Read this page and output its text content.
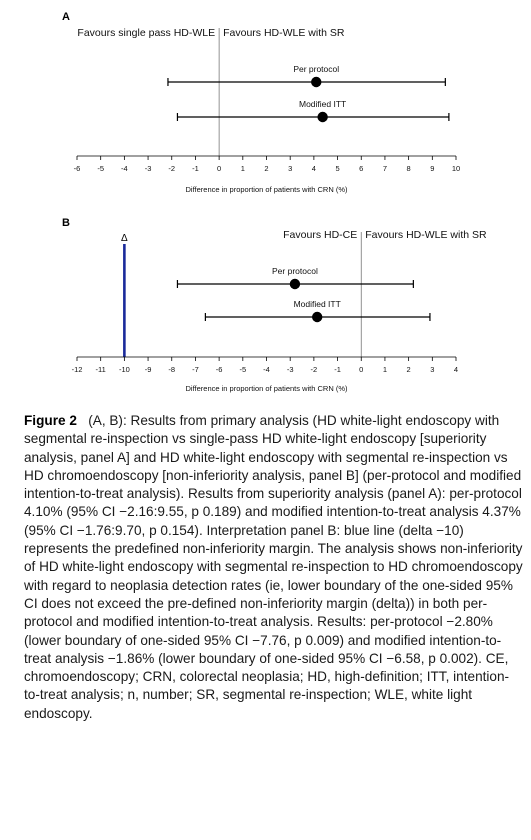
A
Favours single pass HD-WLE Favours HD-WLE with SR
-6 -5 -4 -3 -2 -1 0	1	2	3	4	5	6	7	8	9 10
Difference in proportion of patients with CRN (%)
Per protocol
Modified ITT
B
Favours HD-CE Favours HD-WLE with SR
Δ
-12 -11 -10 -9 -8 -7 -6 -5 -4 -3 -2 -1 0	1	2	3	4
Difference in proportion of patients with CRN (%)
Per protocol
Modified ITT
Figure 2 (A, B): Results from primary analysis (HD white-light endoscopy with segmental re-inspection vs single-pass HD white-light endoscopy [superiority analysis, panel A] and HD white-light endoscopy with segmental re-inspection vs HD chromoendoscopy [non-inferiority analysis, panel B] (per-protocol and modified intention-to-treat analysis). Results from superiority analysis (panel A): per-protocol 4.10% (95% CI −2.16:9.55, p 0.189) and modified intention-to-treat analysis 4.37% (95% CI −1.76:9.70, p 0.154). Interpretation panel B: blue line (delta −10) represents the predefined non-inferiority margin. The analysis shows non-inferiority of HD white-light endoscopy with segmental re-inspection to HD chromoendoscopy with regard to neoplasia detection rates (ie, lower boundary of the one-sided 95% CI does not exceed the pre-defined non-inferiority margin (delta)) in both per-protocol and modified intention-to-treat analysis. Results: per-protocol −2.80% (lower boundary of one-sided 95% CI −7.76, p 0.009) and modified intention-to-treat analysis −1.86% (lower boundary of one-sided 95% CI −6.58, p 0.002). CE, chromoendoscopy; CRN, colorectal neoplasia; HD, high-definition; ITT, intention-to-treat analysis; n, number; SR, segmental re-inspection; WLE, white light endoscopy.
